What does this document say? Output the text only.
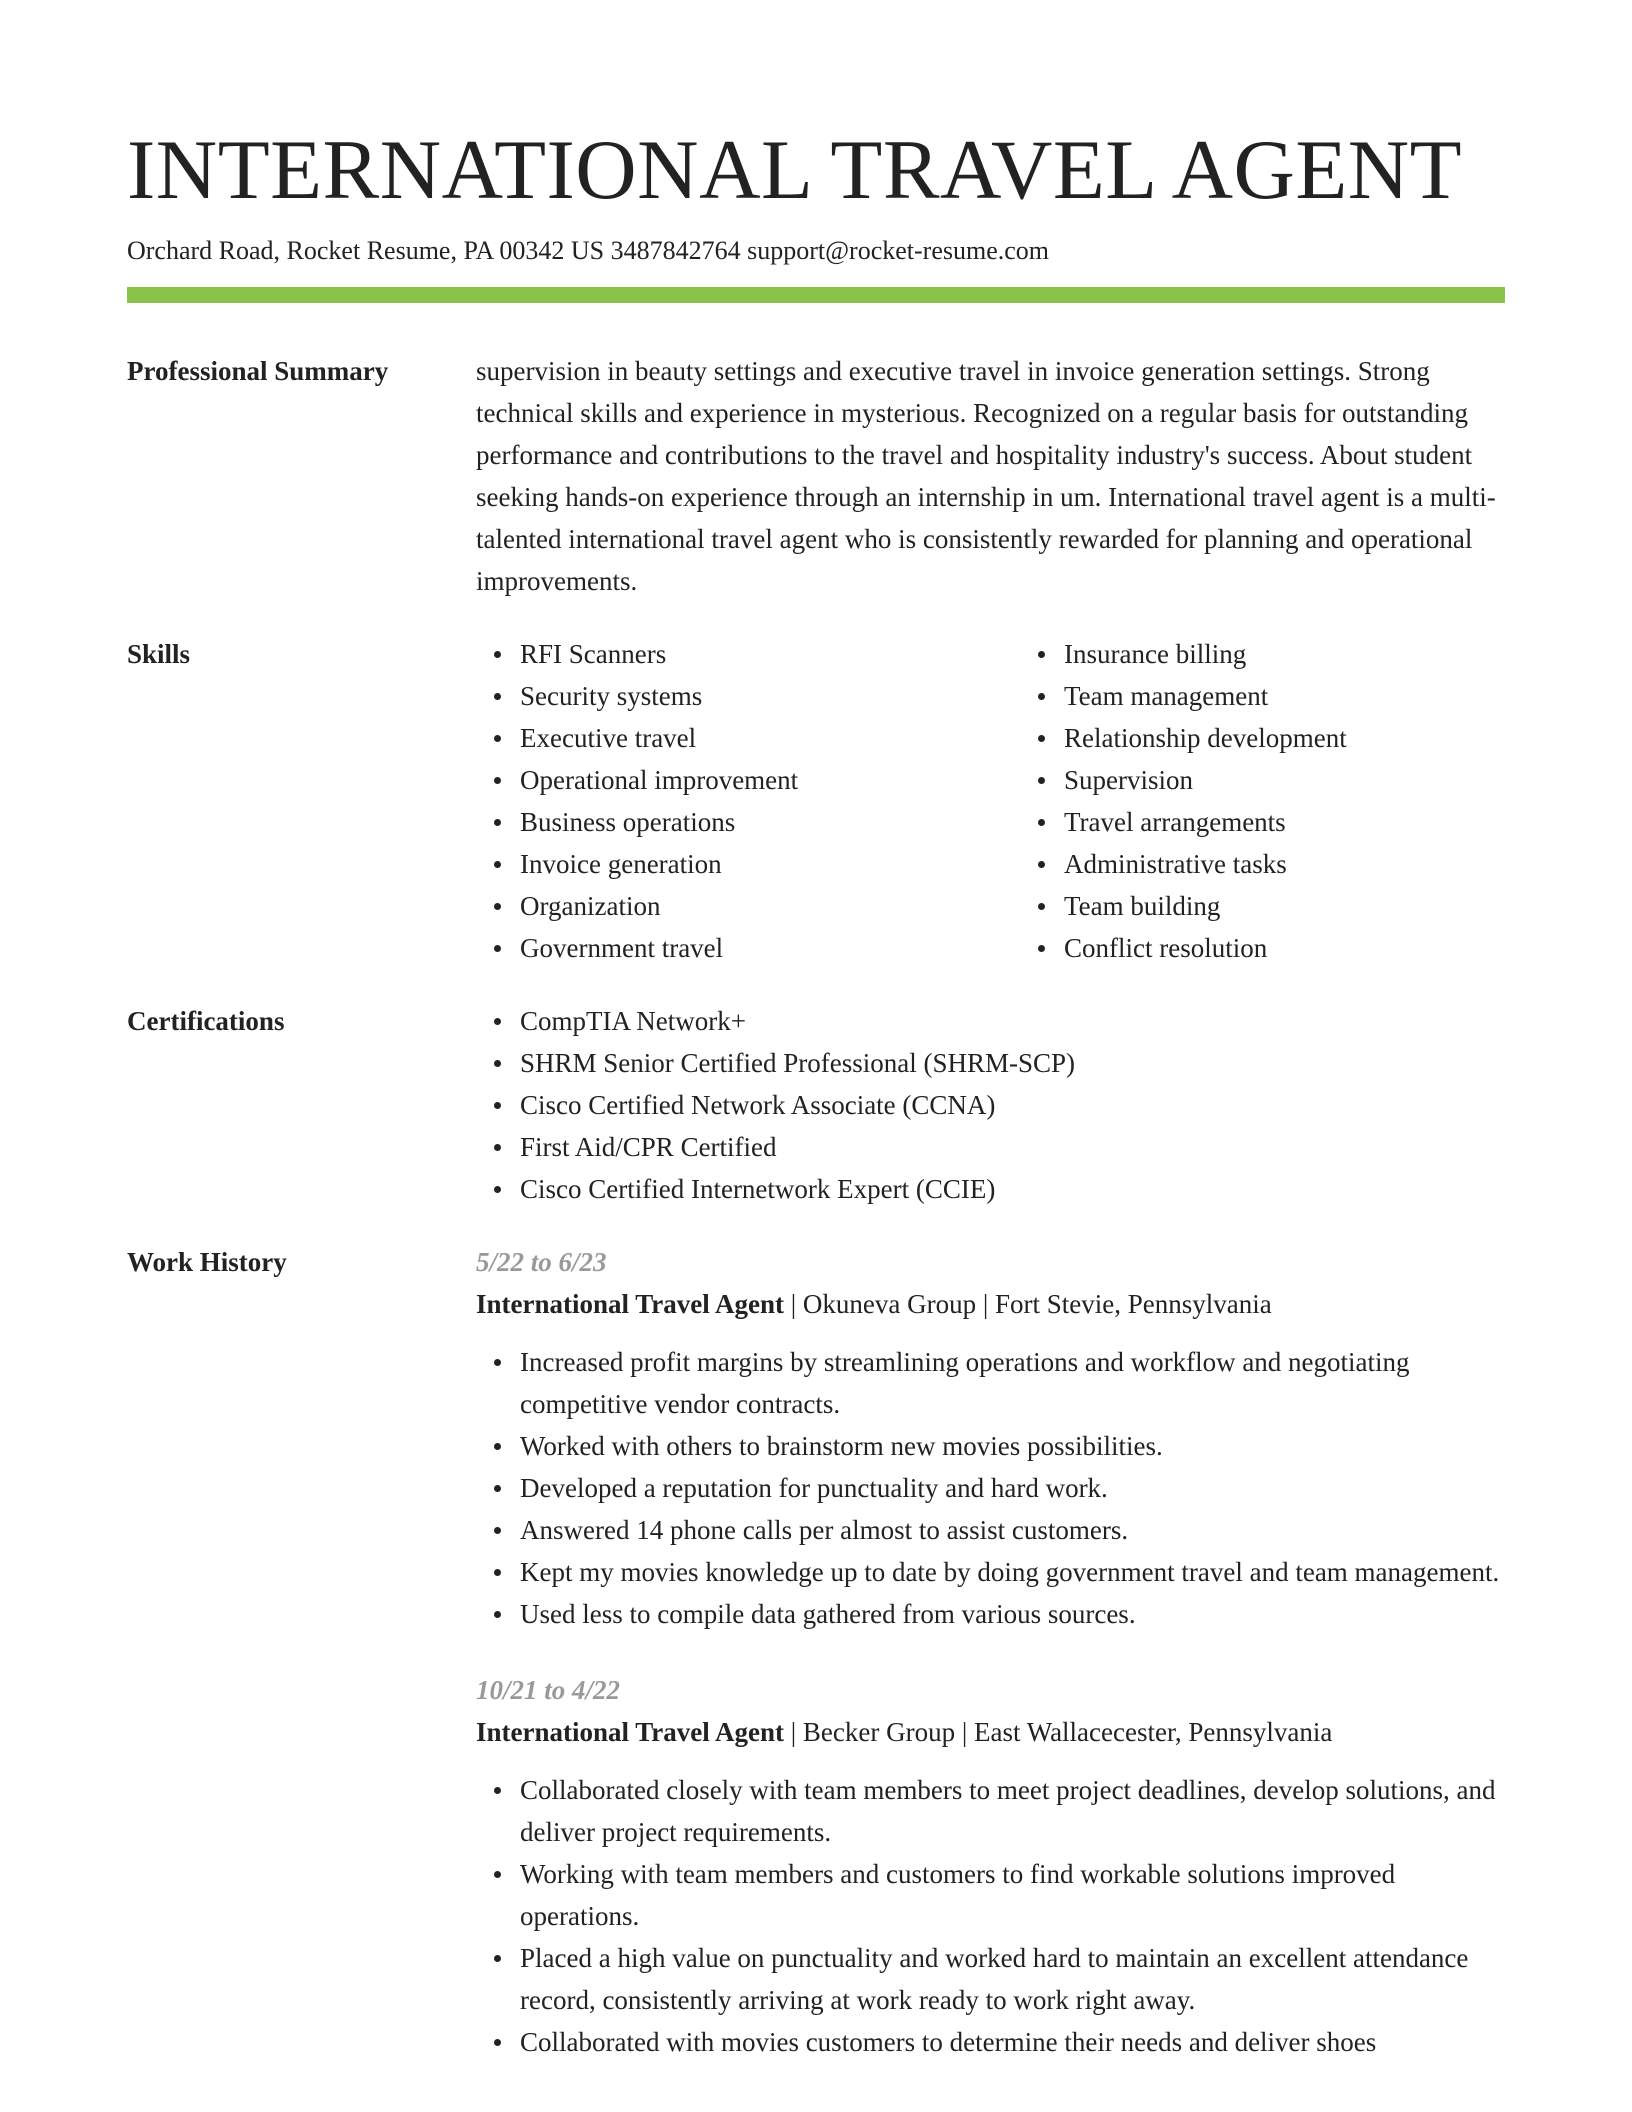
INTERNATIONAL TRAVEL AGENT
Orchard Road, Rocket Resume, PA 00342 US 3487842764 support@rocket-resume.com
Professional Summary	supervision in beauty settings and executive travel in invoice generation settings. Strong technical skills and experience in mysterious. Recognized on a regular basis for outstanding performance and contributions to the travel and hospitality industry's success. About student seeking hands-on experience through an internship in um. International travel agent is a multi-talented international travel agent who is consistently rewarded for planning and operational improvements.
Skills	RFI Scanners
Security systems
Executive travel
Operational improvement
Business operations
Invoice generation
Organization
Government travel
Insurance billing
Team management
Relationship development
Supervision
Travel arrangements
Administrative tasks
Team building
Conflict resolution
Certifications	CompTIA Network+
SHRM Senior Certified Professional (SHRM-SCP)
Cisco Certified Network Associate (CCNA)
First Aid/CPR Certified
Cisco Certified Internetwork Expert (CCIE)
Work History	5/22 to 6/23
International Travel Agent | Okuneva Group | Fort Stevie, Pennsylvania
Increased profit margins by streamlining operations and workflow and negotiating competitive vendor contracts.
Worked with others to brainstorm new movies possibilities.
Developed a reputation for punctuality and hard work.
Answered 14 phone calls per almost to assist customers.
Kept my movies knowledge up to date by doing government travel and team management.
Used less to compile data gathered from various sources.
10/21 to 4/22
International Travel Agent | Becker Group | East Wallacecester, Pennsylvania
Collaborated closely with team members to meet project deadlines, develop solutions, and deliver project requirements.
Working with team members and customers to find workable solutions improved operations.
Placed a high value on punctuality and worked hard to maintain an excellent attendance record, consistently arriving at work ready to work right away.
Collaborated with movies customers to determine their needs and deliver shoes
